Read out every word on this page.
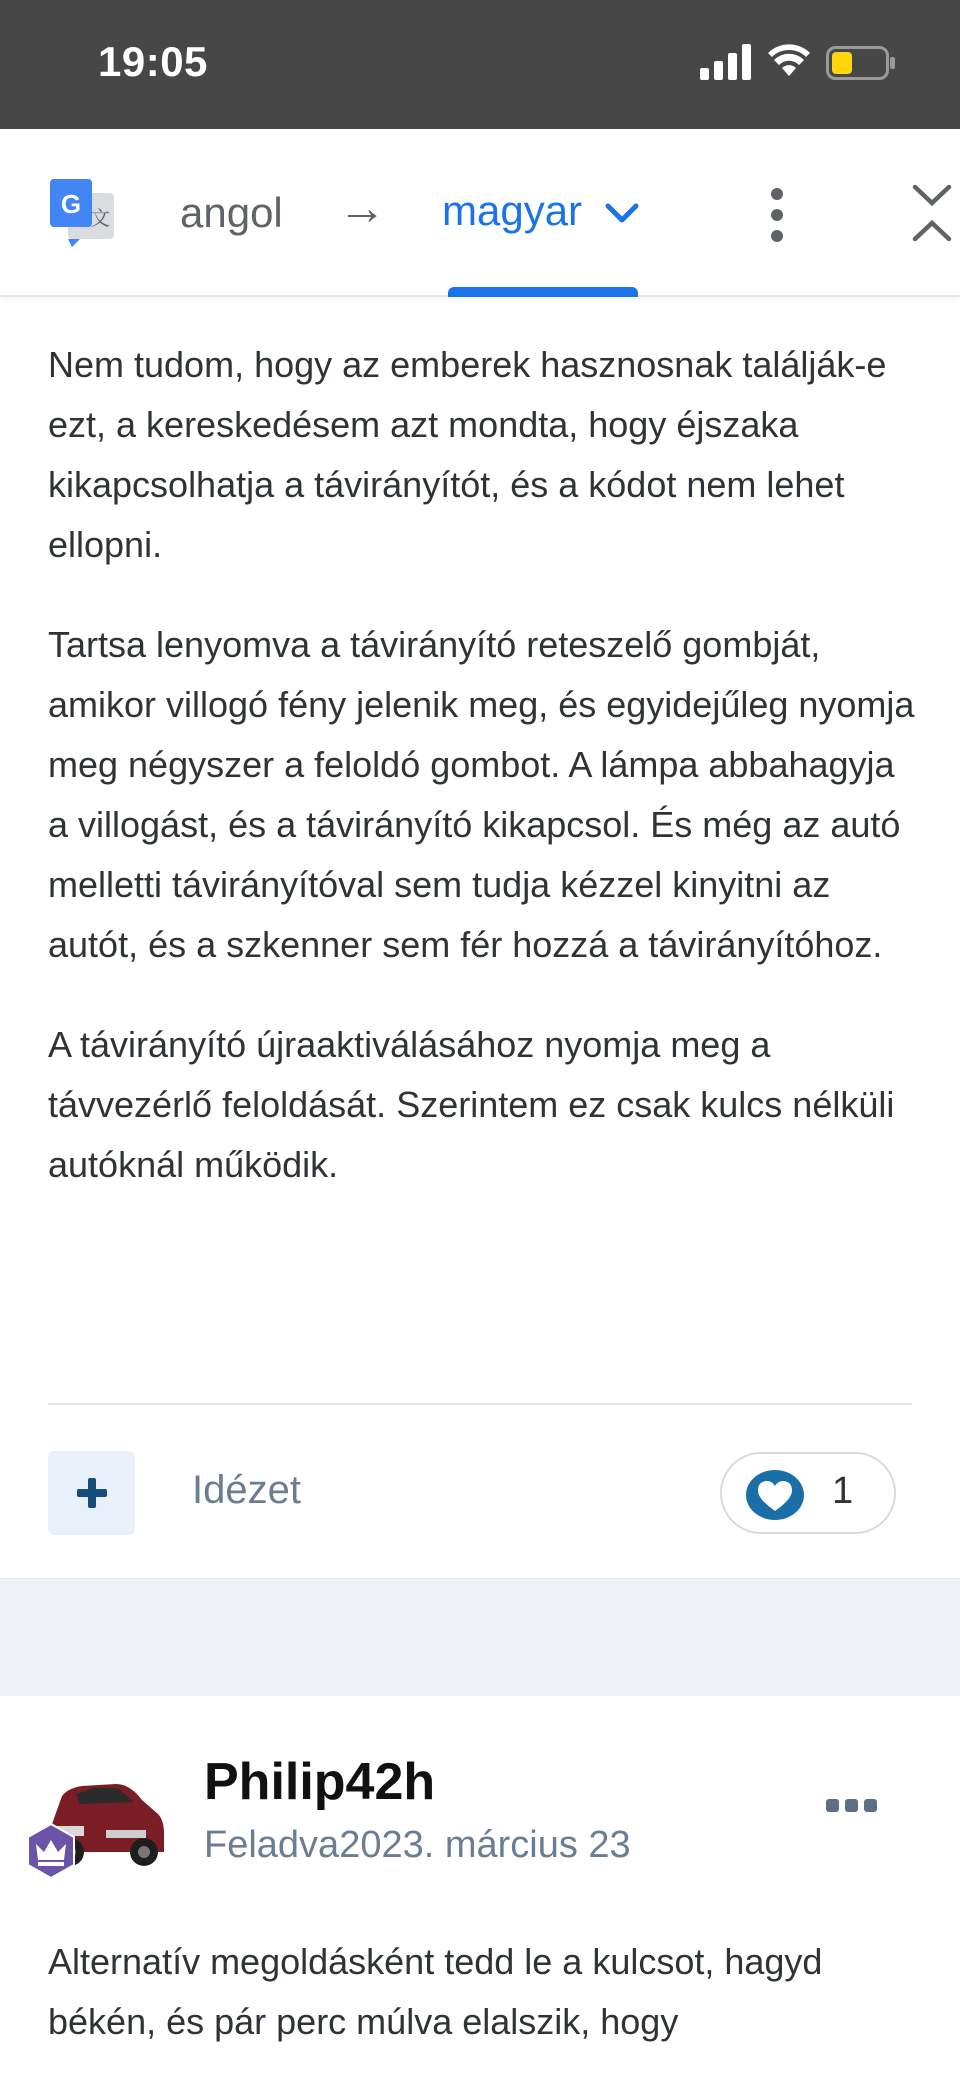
19:05
G 文 angol → magyar

Nem tudom, hogy az emberek hasznosnak találják-e ezt, a kereskedésem azt mondta, hogy éjszaka kikapcsolhatja a távirányítót, és a kódot nem lehet ellopni.

Tartsa lenyomva a távirányító reteszelő gombját, amikor villogó fény jelenik meg, és egyidejűleg nyomja meg négyszer a feloldó gombot. A lámpa abbahagyja a villogást, és a távirányító kikapcsol. És még az autó melletti távirányítóval sem tudja kézzel kinyitni az autót, és a szkenner sem fér hozzá a távirányítóhoz.

A távirányító újraaktiválásához nyomja meg a távvezérlő feloldását. Szerintem ez csak kulcs nélküli autóknál működik.

Idézet	1
Philip42h
Feladva2023. március 23
Alternatív megoldásként tedd le a kulcsot, hagyd békén, és pár perc múlva elalszik, hogy
